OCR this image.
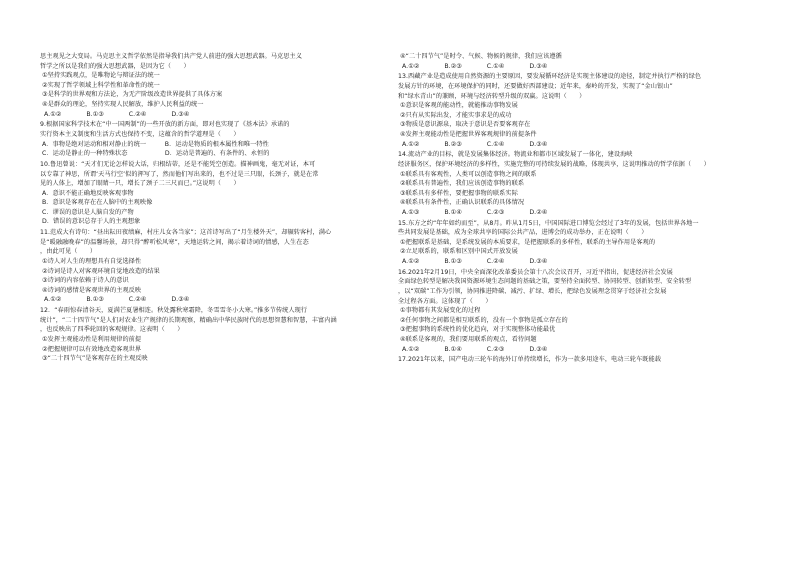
思主观见之大变局。马克思主义哲学依然是指导我们共产党人前进的强大思想武器。马克思主义
哲学之所以是我们的强大思想武器，是因为它（　　）
①坚持实践观点，是唯物论与辩证法的统一
②实现了哲学领域上科学性和革命性的统一
③是科学的世界观和方法论，为无产阶级改造世界提供了具体方案
④是群众的理论，坚持实现人民解放，维护人民利益的统一
A.①②　　　　B.①③　　　　C.②④　　　　D.③④
9.根据国家科学技术在“中一国两制”的一些开放的新方面，即对也实现了《基本法》承诺的
实行资本主义制度和生活方式也保持不变，这蕴含的哲学道理是（　　）
A．事物是绝对运动和相对静止的统一　　　B．运动是物质的根本属性和唯一特性
C．运动是静止的一种特殊状态　　　　　　D．运动是普遍的、有条件的、永恒的
10.鲁迅曾说：“天才们无论怎样说大话，归根结蒂，还是不能凭空创造。描神画鬼，毫无对证，本可
以专靠了神思，所谓‘天马行空’似的挥写了，然而他们写出来的，也不过是三只眼，长颈子，就是在常
见的人体上，增加了眼睛一只，增长了颈子二三尺而已。”这说明（　　）
A．意识不能正确地反映客观事物
B．意识是客观存在在人脑中的主观映像
C．谬误的意识是人脑自发的产物
D．错误的意识总存于人的主观想象
11.范成大有诗句：“昼出耘田夜绩麻，村庄儿女各当家”；这首诗写出了“月生楼外天”，却辗转客村，满心
是“暖融融晚春”的温馨场景，却只得“醉听松风寒”，天地运转之间，揭示着诗词的情感，人生在态
，由此可见（　　）
①诗人对人生的理想具有自觉选择性
②诗词是诗人对客观环境自觉地改造的结果
③诗词的内容依赖于诗人的意识
④诗词的感情是客观世界的主观反映
A.①②　　　　B.①③　　　　C.②④　　　　D.③④
12．“春雨惊春清谷天，夏满芒夏暑相连。秋处露秋寒霜降，冬雪雪冬小大寒。”推多节传统人现行
统计”，“二十四节气”是人们对农业生产规律的长期观察，精确出中华民族时代的思想智慧和智慧，丰富内涵
，也反映出了四季轮回的客观规律。这表明（　　）
①发挥主观能动性是利用规律的前提
②把握规律可以有效地改造客观世界
③“二十四节气”是客观存在的主观反映
④“二十四节气”是时令、气候、物候的规律，我们应该遵循
A.①②　　　　B.②③　　　　C.①④　　　　D.③④
13.西藏产业是造成使用自然资源的主要原因，要发展循环经济是实现主体建设的途径，制定并执行严格的绿色
发展方针的环境，在环境保护的同时，还要做好西部建设；近年来，秦岭的开发，实现了“金山银山”
和“绿水青山”的兼顾，环境与经济转型升级的双赢。这说明（　　）
①意识是客观的能动性，就能推动事物发展
②只有从实际出发，才能实事求是的成功
③物质是意识源泉，取决于意识是否要客观存在
④发挥主观能动性是把握世界客观规律的前提条件
A.①②　　　　B.②③　　　　C.①④　　　　D.③④
14.流动产业的目标，就是发展集体经济。物流业和都市区域发展了一体化，建设海峡
经济服务区，保护环境经济的多样性，实施完整的可持续发展的战略，体现共享，这说明推动的哲学依据（　　）
①联系具有客观性，人类可以创造事物之间的联系
②联系具有普遍性，我们应该创造事物的联系
③联系具有多样性，要把握事物的联系实际
④联系具有条件性，正确认识联系的具体情况
A.①③　　　　B.①④　　　　C.②③　　　　D.②④
15.东方之约“年年如约而至”，从8月。昨从1月5日，中国国际进口博览会经过了3年的发展，包括世界各地一
些共同发展是基础，成为全球共享的国际公共产品，进博会的成功举办，正在说明（　　）
①把握联系是基础，是系统发展的本质要求，是把握联系的多样性，联系的主导作用是客观的
②立足联系的，联系和区别中国式开放发展
A.①②　　　　B.①③　　　　C.②④　　　　D.③④
16.2021年2月19日，中央全面深化改革委员会第十八次会议召开，习近平指出，促进经济社会发展
全面绿色转型是解决我国资源环境生态问题的基础之策，要坚持全面转型、协同转型、创新转型、安全转型
，以“双碳”工作为引领，协同推进降碳、减污、扩绿、增长，把绿色发展理念贯穿于经济社会发展
全过程各方面。这体现了（　　）
①事物都有其发展变化的过程
②任何事物之间都是相互联系的，没有一个事物是孤立存在的
③把握事物的系统性的优化趋向，对于实现整体功能最优
④联系是客观的，我们要用联系的观点，看待问题
A.①②　　　　B.①④　　　　C.②③　　　　D.③④
17.2021年以来，国产电动三轮车的海外订单持续增长，作为一款多用途车，电动三轮车既能载
